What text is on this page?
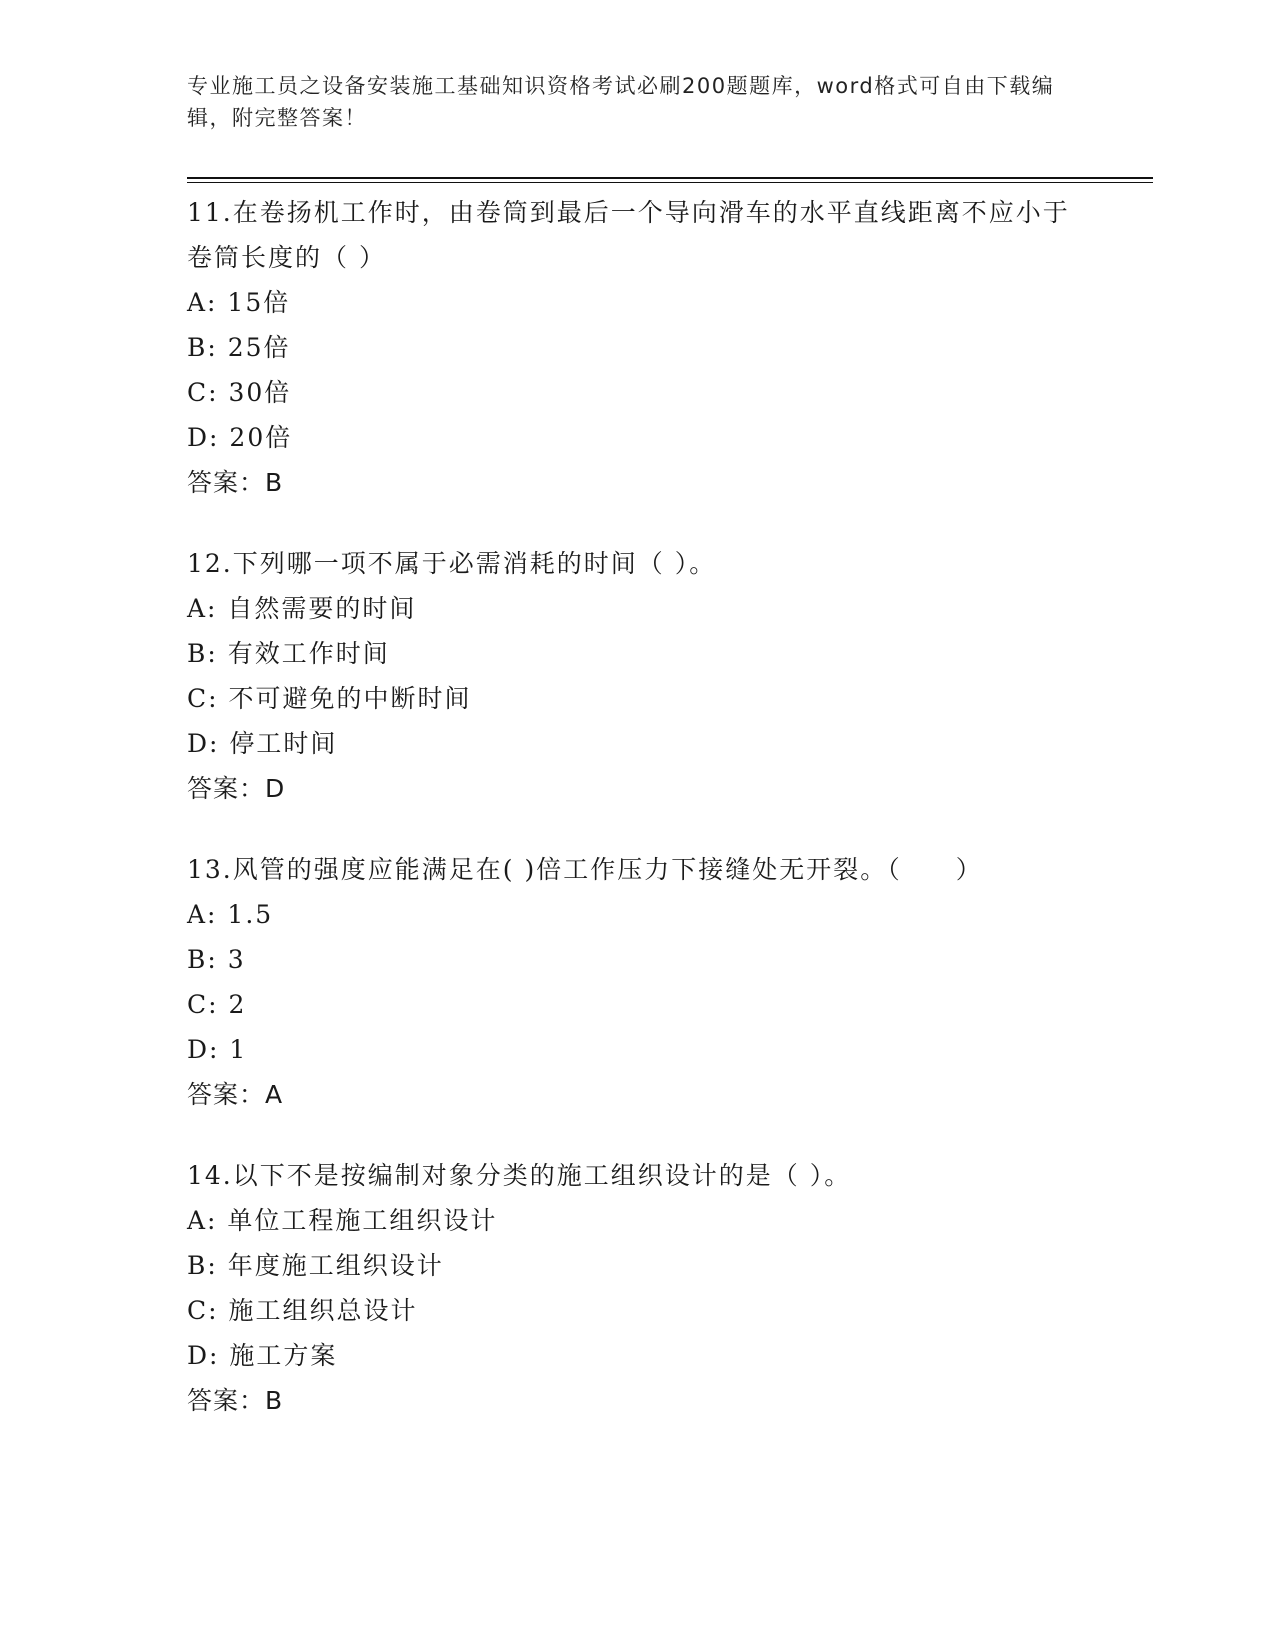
专业施工员之设备安装施工基础知识资格考试必刷200题题库，word格式可自由下载编辑，附完整答案！
11.在卷扬机工作时，由卷筒到最后一个导向滑车的水平直线距离不应小于卷筒长度的（ ）
A: 15倍
B: 25倍
C: 30倍
D: 20倍
答案：B
12.下列哪一项不属于必需消耗的时间（ ）。
A: 自然需要的时间
B: 有效工作时间
C: 不可避免的中断时间
D: 停工时间
答案：D
13.风管的强度应能满足在( )倍工作压力下接缝处无开裂。（　　）
A: 1.5
B: 3
C: 2
D: 1
答案：A
14.以下不是按编制对象分类的施工组织设计的是（ ）。
A: 单位工程施工组织设计
B: 年度施工组织设计
C: 施工组织总设计
D: 施工方案
答案：B
